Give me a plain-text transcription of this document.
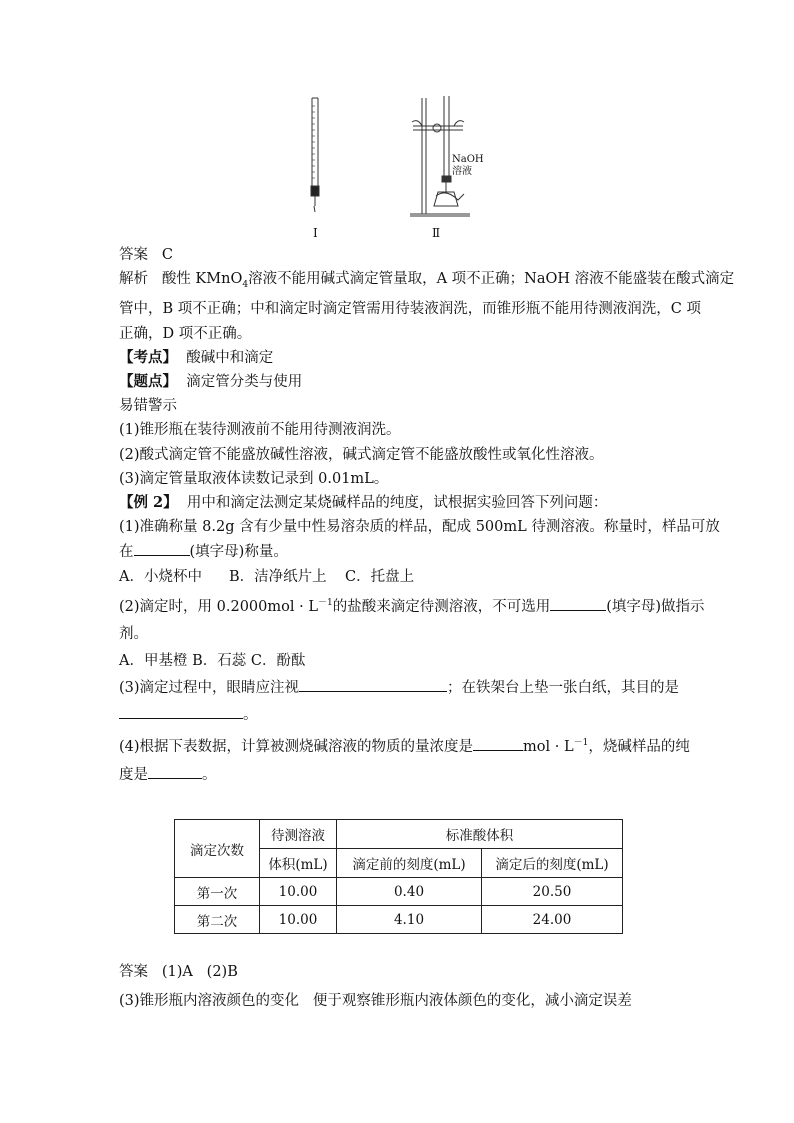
NaOH
溶液
Ⅰ	Ⅱ

答案 C

解析 酸性 KMnO$_4$溶液不能用碱式滴定管量取，A 项不正确；NaOH 溶液不能盛装在酸式滴定

管中，B 项不正确；中和滴定时滴定管需用待装液润洗，而锥形瓶不能用待测液润洗，C 项

正确，D 项不正确。

【考点】 酸碱中和滴定

【题点】 滴定管分类与使用

易错警示

(1)锥形瓶在装待测液前不能用待测液润洗。

(2)酸式滴定管不能盛放碱性溶液，碱式滴定管不能盛放酸性或氧化性溶液。

(3)滴定管量取液体读数记录到 0.01mL。

【例 2】 用中和滴定法测定某烧碱样品的纯度，试根据实验回答下列问题：

(1)准确称量 8.2g 含有少量中性易溶杂质的样品，配成 500mL 待测溶液。称量时，样品可放

在	(填字母)称量。

A．小烧杯中 B．洁净纸片上 C．托盘上

(2)滴定时，用 $0.2000mol \cdot L^{-1}$的盐酸来滴定待测溶液，不可选用	(填字母)做指示

剂。

A．甲基橙 B．石蕊 C．酚酞

(3)滴定过程中，眼睛应注视	；在铁架台上垫一张白纸，其目的是

。

(4)根据下表数据，计算被测烧碱溶液的物质的量浓度是	mol · $L^{-1}$，烧碱样品的纯

度是	。

滴定次数	待测溶液	标准酸体积	
	体积(mL)	滴定前的刻度(mL)	滴定后的刻度(mL)
第一次	10.00	0.40	20.50
第二次	10.00	4.10	24.00

答案 (1)A (2)B

(3)锥形瓶内溶液颜色的变化 便于观察锥形瓶内液体颜色的变化，减小滴定误差
